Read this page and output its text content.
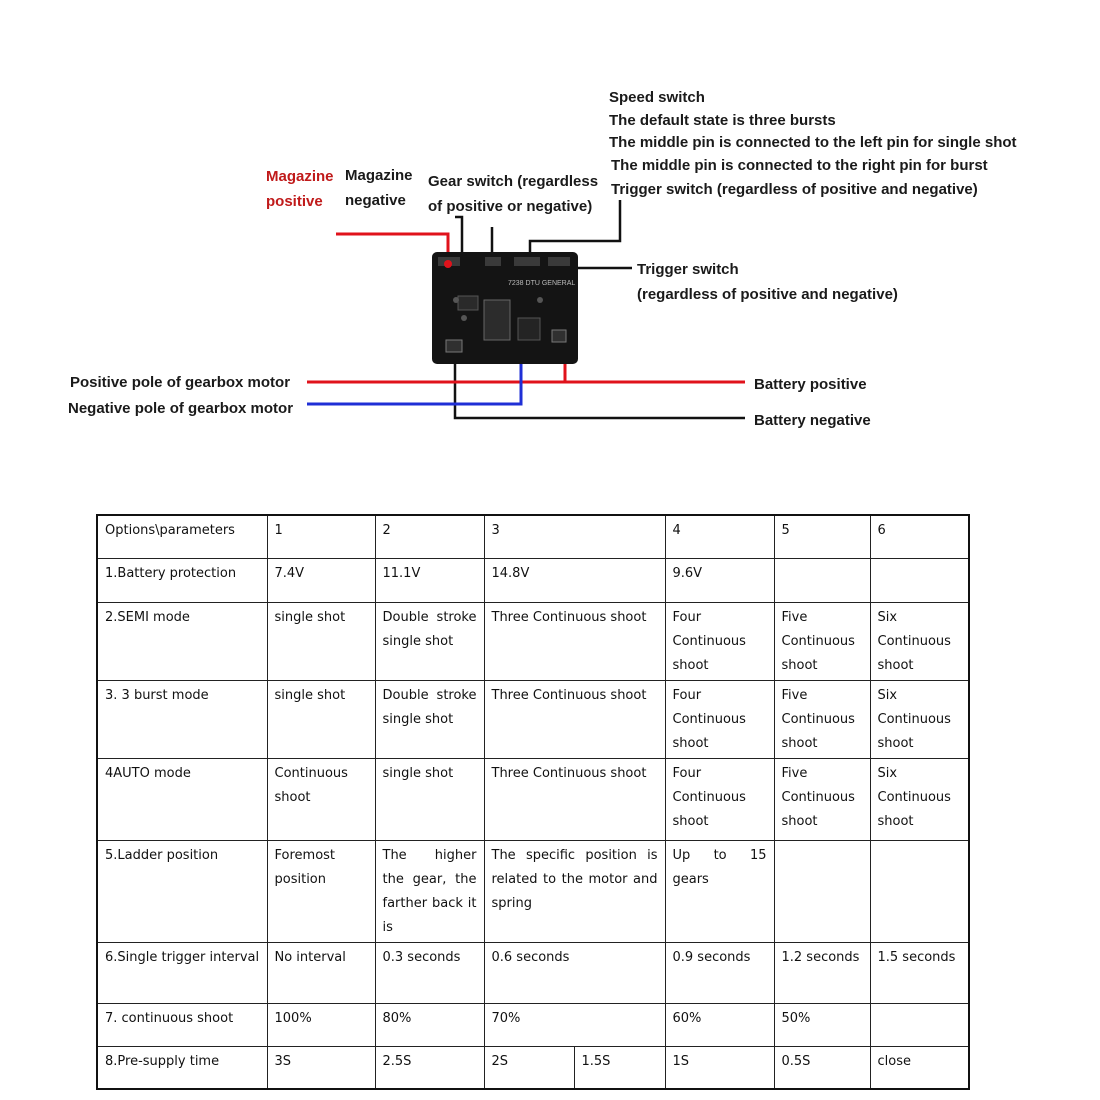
7238 DTU GENERAL
Speed switch
The default state is three bursts
The middle pin is connected to the left pin for single shot
The middle pin is connected to the right pin for burst
Trigger switch (regardless of positive and negative)
Magazine
positive
Magazine
negative
Gear switch (regardless
of positive or negative)
Trigger switch
(regardless of positive and negative)
Positive pole of gearbox motor
Negative pole of gearbox motor
Battery positive
Battery negative
Options\parameters	1	2	3		4	5	6
1.Battery protection	7.4V	11.1V	14.8V		9.6V		
2.SEMI mode	single shot	Double stroke single shot	Three Continuous shoot		Four Continuous shoot	Five Continuous shoot	Six Continuous shoot
3. 3 burst mode	single shot	Double stroke single shot	Three Continuous shoot		Four Continuous shoot	Five Continuous shoot	Six Continuous shoot
4AUTO mode	Continuous shoot	single shot	Three Continuous shoot		Four Continuous shoot	Five Continuous shoot	Six Continuous shoot
5.Ladder position	Foremost position	The higher the gear, the farther back it is	The specific position is related to the motor and spring		Up to 15 gears		
6.Single trigger interval	No interval	0.3 seconds	0.6 seconds		0.9 seconds	1.2 seconds	1.5 seconds
7. continuous shoot	100%	80%	70%		60%	50%	
8.Pre-supply time	3S	2.5S	2S	1.5S	1S	0.5S	close
